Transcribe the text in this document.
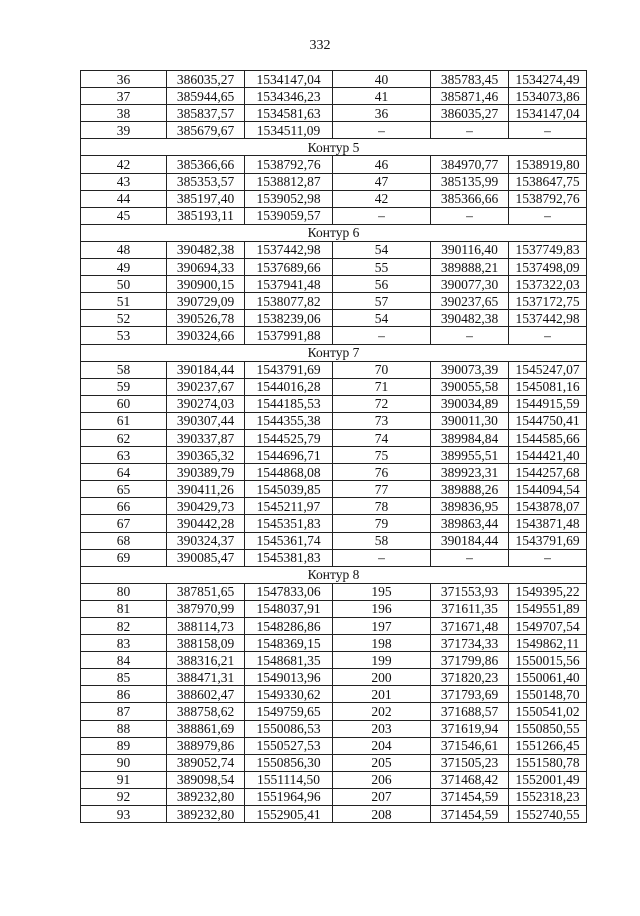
332
36	386035,27	1534147,04	40	385783,45	1534274,49
37	385944,65	1534346,23	41	385871,46	1534073,86
38	385837,57	1534581,63	36	386035,27	1534147,04
39	385679,67	1534511,09	–	–	–
Контур 5					
42	385366,66	1538792,76	46	384970,77	1538919,80
43	385353,57	1538812,87	47	385135,99	1538647,75
44	385197,40	1539052,98	42	385366,66	1538792,76
45	385193,11	1539059,57	–	–	–
Контур 6					
48	390482,38	1537442,98	54	390116,40	1537749,83
49	390694,33	1537689,66	55	389888,21	1537498,09
50	390900,15	1537941,48	56	390077,30	1537322,03
51	390729,09	1538077,82	57	390237,65	1537172,75
52	390526,78	1538239,06	54	390482,38	1537442,98
53	390324,66	1537991,88	–	–	–
Контур 7					
58	390184,44	1543791,69	70	390073,39	1545247,07
59	390237,67	1544016,28	71	390055,58	1545081,16
60	390274,03	1544185,53	72	390034,89	1544915,59
61	390307,44	1544355,38	73	390011,30	1544750,41
62	390337,87	1544525,79	74	389984,84	1544585,66
63	390365,32	1544696,71	75	389955,51	1544421,40
64	390389,79	1544868,08	76	389923,31	1544257,68
65	390411,26	1545039,85	77	389888,26	1544094,54
66	390429,73	1545211,97	78	389836,95	1543878,07
67	390442,28	1545351,83	79	389863,44	1543871,48
68	390324,37	1545361,74	58	390184,44	1543791,69
69	390085,47	1545381,83	–	–	–
Контур 8					
80	387851,65	1547833,06	195	371553,93	1549395,22
81	387970,99	1548037,91	196	371611,35	1549551,89
82	388114,73	1548286,86	197	371671,48	1549707,54
83	388158,09	1548369,15	198	371734,33	1549862,11
84	388316,21	1548681,35	199	371799,86	1550015,56
85	388471,31	1549013,96	200	371820,23	1550061,40
86	388602,47	1549330,62	201	371793,69	1550148,70
87	388758,62	1549759,65	202	371688,57	1550541,02
88	388861,69	1550086,53	203	371619,94	1550850,55
89	388979,86	1550527,53	204	371546,61	1551266,45
90	389052,74	1550856,30	205	371505,23	1551580,78
91	389098,54	1551114,50	206	371468,42	1552001,49
92	389232,80	1551964,96	207	371454,59	1552318,23
93	389232,80	1552905,41	208	371454,59	1552740,55
